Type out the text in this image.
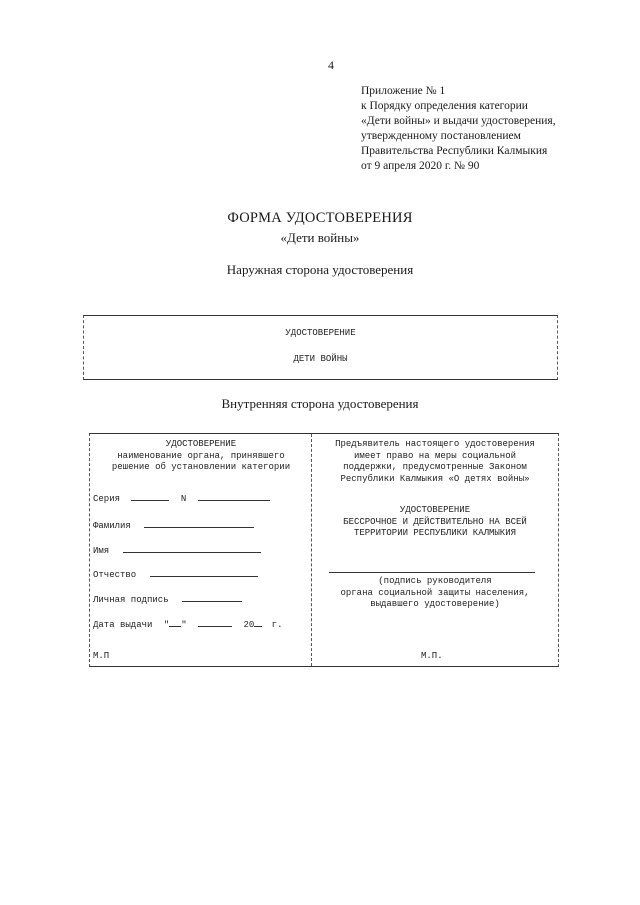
4
Приложение № 1
к Порядку определения категории
«Дети войны» и выдачи удостоверения,
утвержденному постановлением
Правительства Республики Калмыкия
от 9 апреля 2020 г. № 90
ФОРМА УДОСТОВЕРЕНИЯ
«Дети войны»
Наружная сторона удостоверения
УДОСТОВЕРЕНИЕ
ДЕТИ ВОЙНЫ
Внутренняя сторона удостоверения
УДОСТОВЕРЕНИЕ
наименование органа, принявшего
решение об установлении категории
Серия	N
Фамилия
Имя
Отчество
Личная подпись
Дата выдачи " "	20 г.
М.П
Предъявитель настоящего удостоверения
имеет право на меры социальной
поддержки, предусмотренные Законом
Республики Калмыкия «О детях войны»
УДОСТОВЕРЕНИЕ
БЕССРОЧНОЕ И ДЕЙСТВИТЕЛЬНО НА ВСЕЙ
ТЕРРИТОРИИ РЕСПУБЛИКИ КАЛМЫКИЯ
(подпись руководителя
органа социальной защиты населения,
выдавшего удостоверение)
М.П.
